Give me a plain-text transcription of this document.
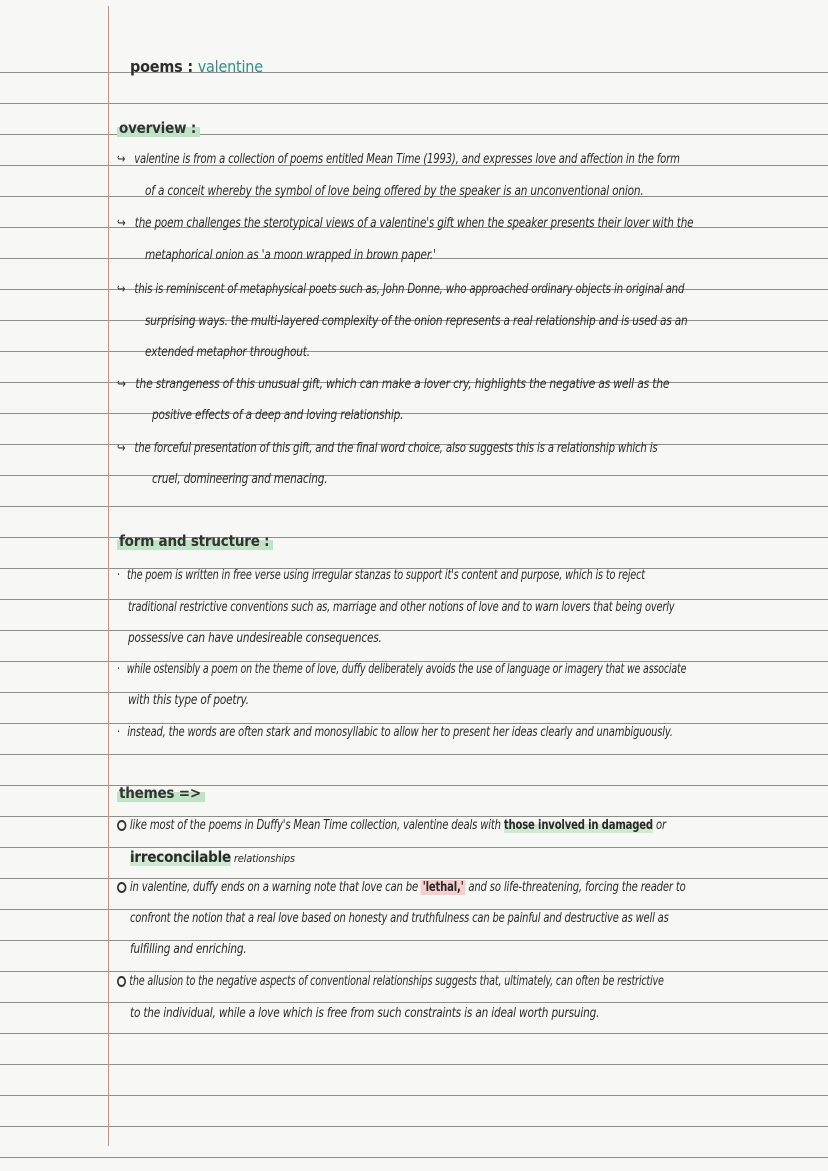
poems : valentine
overview :
↪ valentine is from a collection of poems entitled Mean Time (1993), and expresses love and affection in the form
of a conceit whereby the symbol of love being offered by the speaker is an unconventional onion.
↪ the poem challenges the sterotypical views of a valentine's gift when the speaker presents their lover with the
metaphorical onion as 'a moon wrapped in brown paper.'
↪ this is reminiscent of metaphysical poets such as, John Donne, who approached ordinary objects in original and
surprising ways. the multi-layered complexity of the onion represents a real relationship and is used as an
extended metaphor throughout.
↪ the strangeness of this unusual gift, which can make a lover cry, highlights the negative as well as the
positive effects of a deep and loving relationship.
↪ the forceful presentation of this gift, and the final word choice, also suggests this is a relationship which is
cruel, domineering and menacing.
form and structure :
· the poem is written in free verse using irregular stanzas to support it's content and purpose, which is to reject
traditional restrictive conventions such as, marriage and other notions of love and to warn lovers that being overly
possessive can have undesireable consequences.
· while ostensibly a poem on the theme of love, duffy deliberately avoids the use of language or imagery that we associate
with this type of poetry.
· instead, the words are often stark and monosyllabic to allow her to present her ideas clearly and unambiguously.
themes =>
like most of the poems in Duffy's Mean Time collection, valentine deals with those involved in damaged or
irreconcilable relationships
in valentine, duffy ends on a warning note that love can be 'lethal,' and so life-threatening, forcing the reader to
confront the notion that a real love based on honesty and truthfulness can be painful and destructive as well as
fulfilling and enriching.
the allusion to the negative aspects of conventional relationships suggests that, ultimately, can often be restrictive
to the individual, while a love which is free from such constraints is an ideal worth pursuing.
